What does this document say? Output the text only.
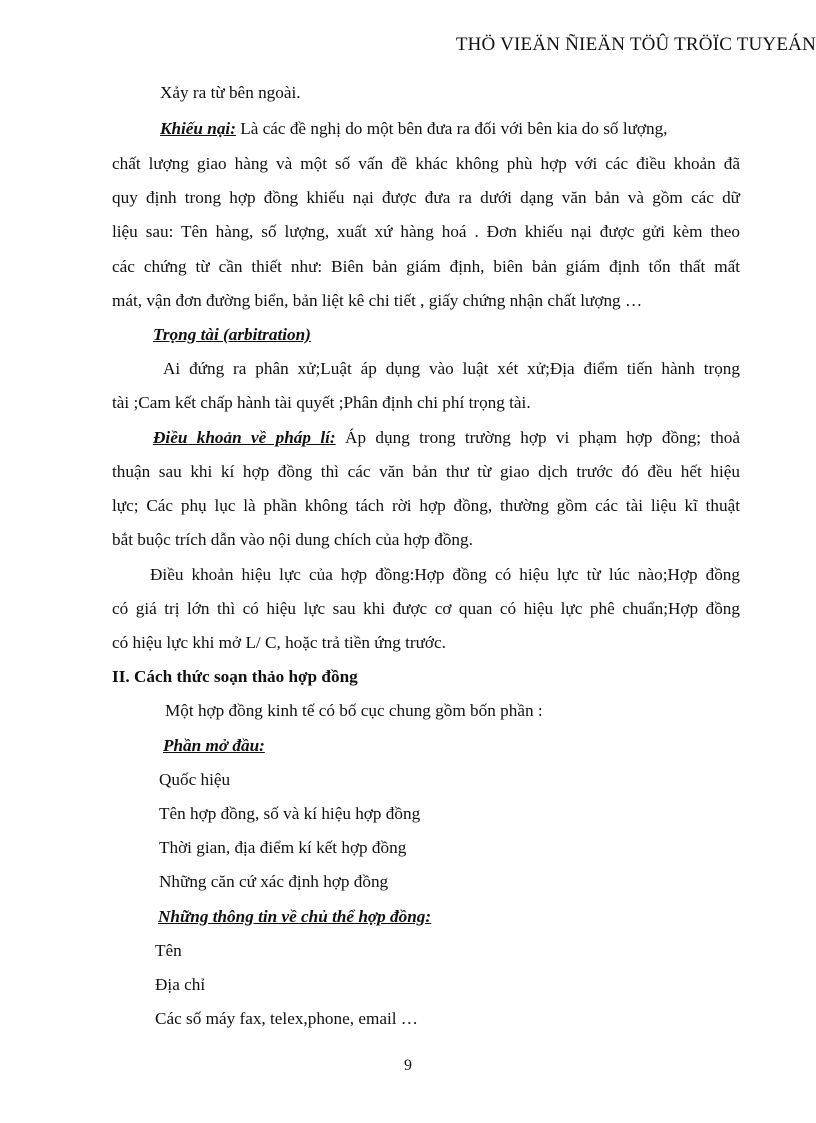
THÖ VIEÄN ÑIEÄN TÖÛ TRÖÏC TUYEÁN
Xảy ra từ bên ngoài.
Khiếu nại: Là các đề nghị do một bên đưa ra đối với bên kia do số lượng,
chất lượng giao hàng và một số vấn đề khác không phù hợp với các điều khoản đã
quy định trong hợp đồng khiếu nại được đưa ra dưới dạng văn bản và gồm các dữ
liệu sau: Tên hàng, số lượng, xuất xứ hàng hoá . Đơn khiếu nại được gửi kèm theo
các chứng từ cần thiết như: Biên bản giám định, biên bản giám định tổn thất mất
mát, vận đơn đường biển, bản liệt kê chi tiết , giấy chứng nhận chất lượng …
Trọng tài (arbitration)
Ai đứng ra phân xử;Luật áp dụng vào luật xét xử;Địa điểm tiến hành trọng
tài ;Cam kết chấp hành tài quyết ;Phân định chi phí trọng tài.
Điều khoản về pháp lí: Áp dụng trong trường hợp vi phạm hợp đồng; thoả
thuận sau khi kí hợp đồng thì các văn bản thư từ giao dịch trước đó đều hết hiệu
lực; Các phụ lục là phần không tách rời hợp đồng, thường gồm các tài liệu kĩ thuật
bắt buộc trích dẫn vào nội dung chích của hợp đồng.
Điều khoản hiệu lực của hợp đồng:Hợp đồng có hiệu lực từ lúc nào;Hợp đồng
có giá trị lớn thì có hiệu lực sau khi được cơ quan có hiệu lực phê chuẩn;Hợp đồng
có hiệu lực khi mở L/ C, hoặc trả tiền ứng trước.
II. Cách thức soạn thảo hợp đồng
Một hợp đồng kinh tế có bố cục chung gồm bốn phần :
Phần mở đầu:
Quốc hiệu
Tên hợp đồng, số và kí hiệu hợp đồng
Thời gian, địa điểm kí kết hợp đồng
Những căn cứ xác định hợp đồng
Những thông tin về chủ thể hợp đồng:
Tên
Địa chỉ
Các số máy fax, telex,phone, email …
9
